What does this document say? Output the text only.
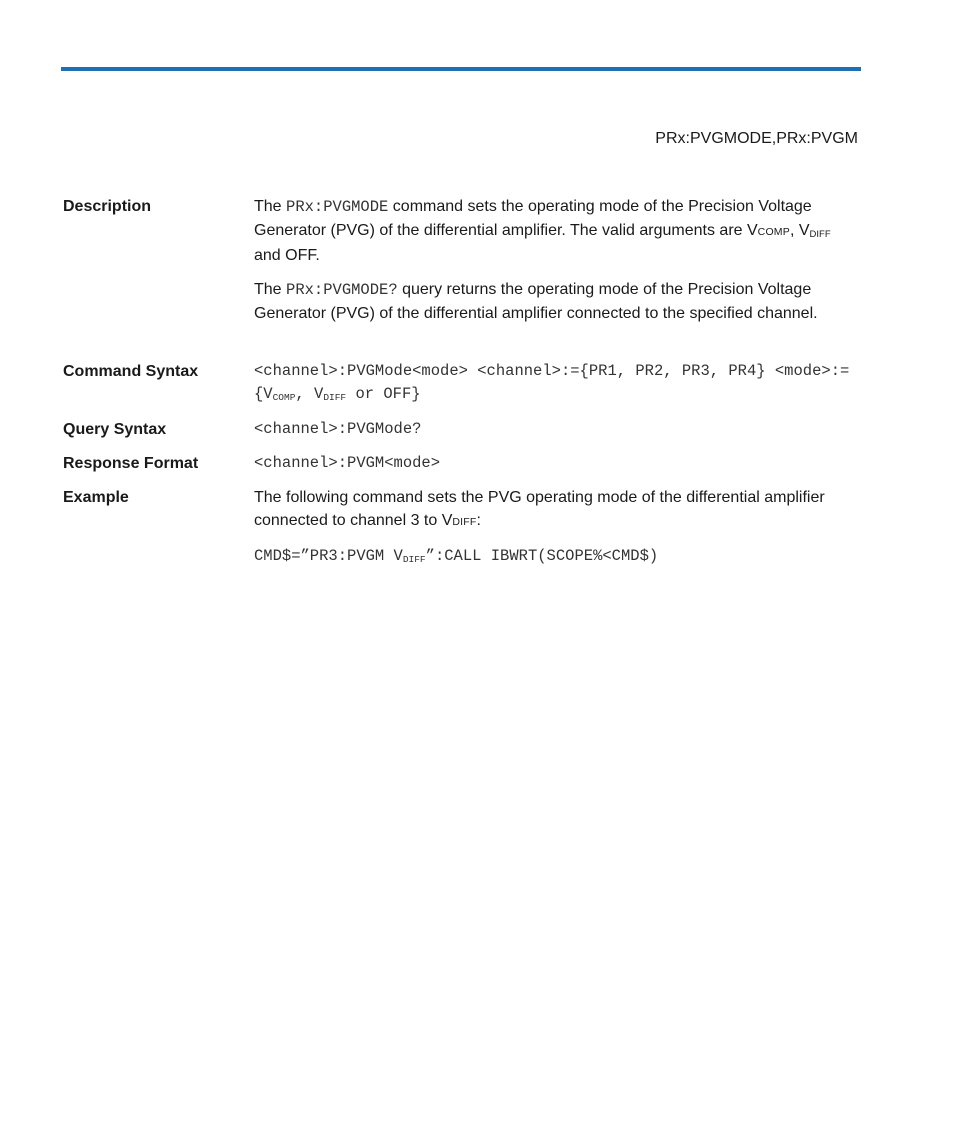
PRx:PVGMODE,PRx:PVGM
Description	The PRx:PVGMODE command sets the operating mode of the Precision Voltage Generator (PVG) of the differential amplifier. The valid arguments are VCOMP, $V_{DIFF}$ and OFF.

The PRx:PVGMODE? query returns the operating mode of the Precision Voltage Generator (PVG) of the differential amplifier connected to the specified channel.

Command Syntax	<channel>:PVGMode<mode> <channel>:={PR1, PR2, PR3, $PR4\} <mode>:=\{V_{COMP}$, $V_{DIFF}$ or OFF}
Query Syntax	<channel>:PVGMode?
Response Format	<channel>:PVGM<mode>
Example	The following command sets the PVG operating mode of the differential amplifier connected to channel 3 to VDIFF:

CMD$=”PR3:PVGM $V_{DIFF}”:CALL$ IBWRT(SCOPE%<CMD$)
